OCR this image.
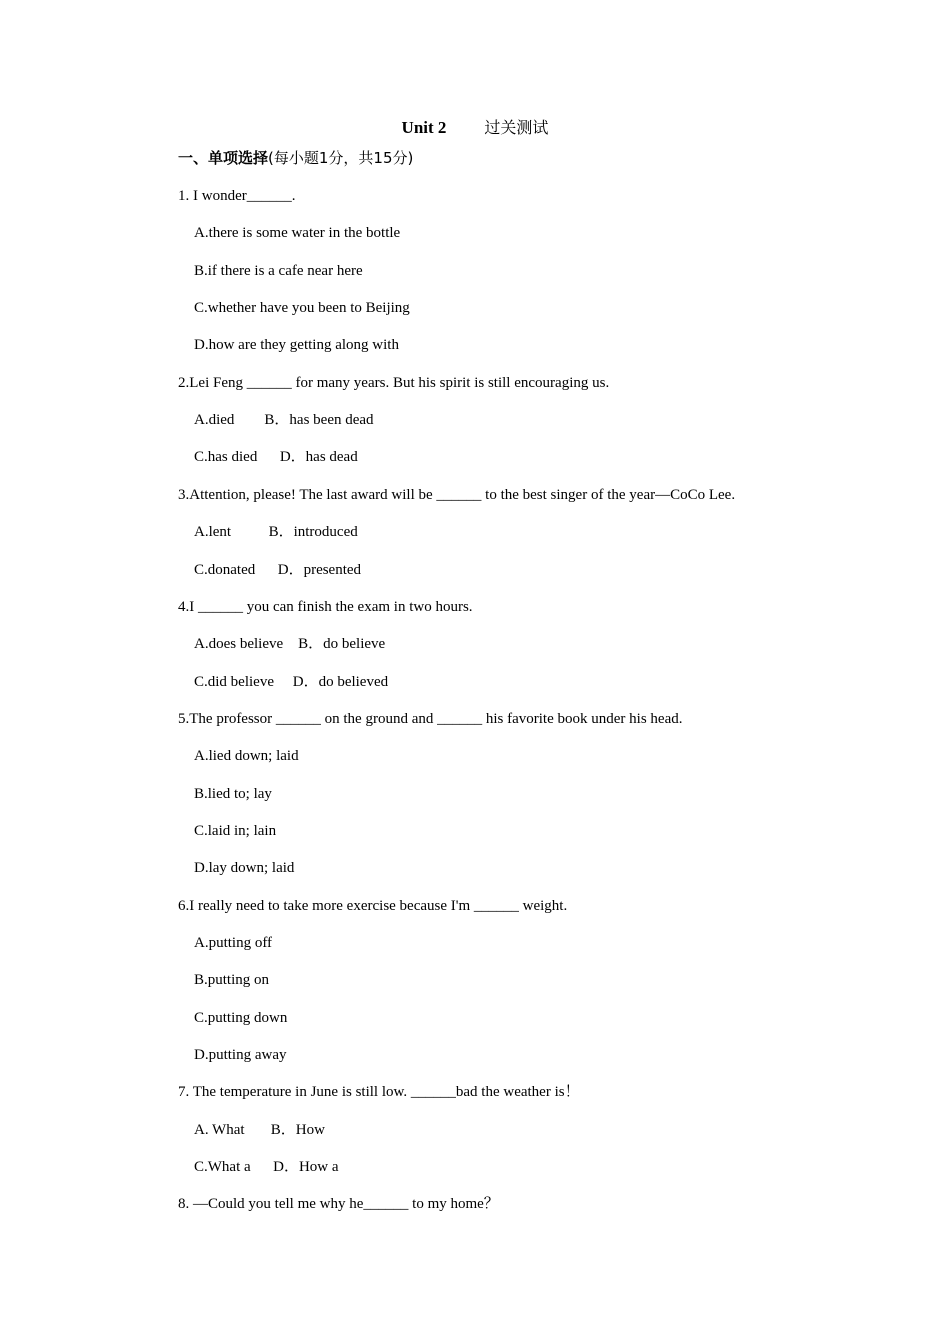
Unit 2 过关测试
一、单项选择(每小题1分，共15分)
1. I wonder______.
A.there is some water in the bottle
B.if there is a cafe near here
C.whether have you been to Beijing
D.how are they getting along with
2.Lei Feng ______ for many years. But his spirit is still encouraging us.
A.died        B．has been dead
C.has died      D．has dead
3.Attention, please! The last award will be ______ to the best singer of the year—CoCo Lee.
A.lent          B．introduced
C.donated      D．presented
4.I ______ you can finish the exam in two hours.
A.does believe    B．do believe
C.did believe     D．do believed
5.The professor ______ on the ground and ______ his favorite book under his head.
A.lied down; laid
B.lied to; lay
C.laid in; lain
D.lay down; laid
6.I really need to take more exercise because I'm ______ weight.
A.putting off
B.putting on
C.putting down
D.putting away
7. The temperature in June is still low. ______bad the weather is！
A. What       B．How
C.What a      D．How a
8. —Could you tell me why he______ to my home？
